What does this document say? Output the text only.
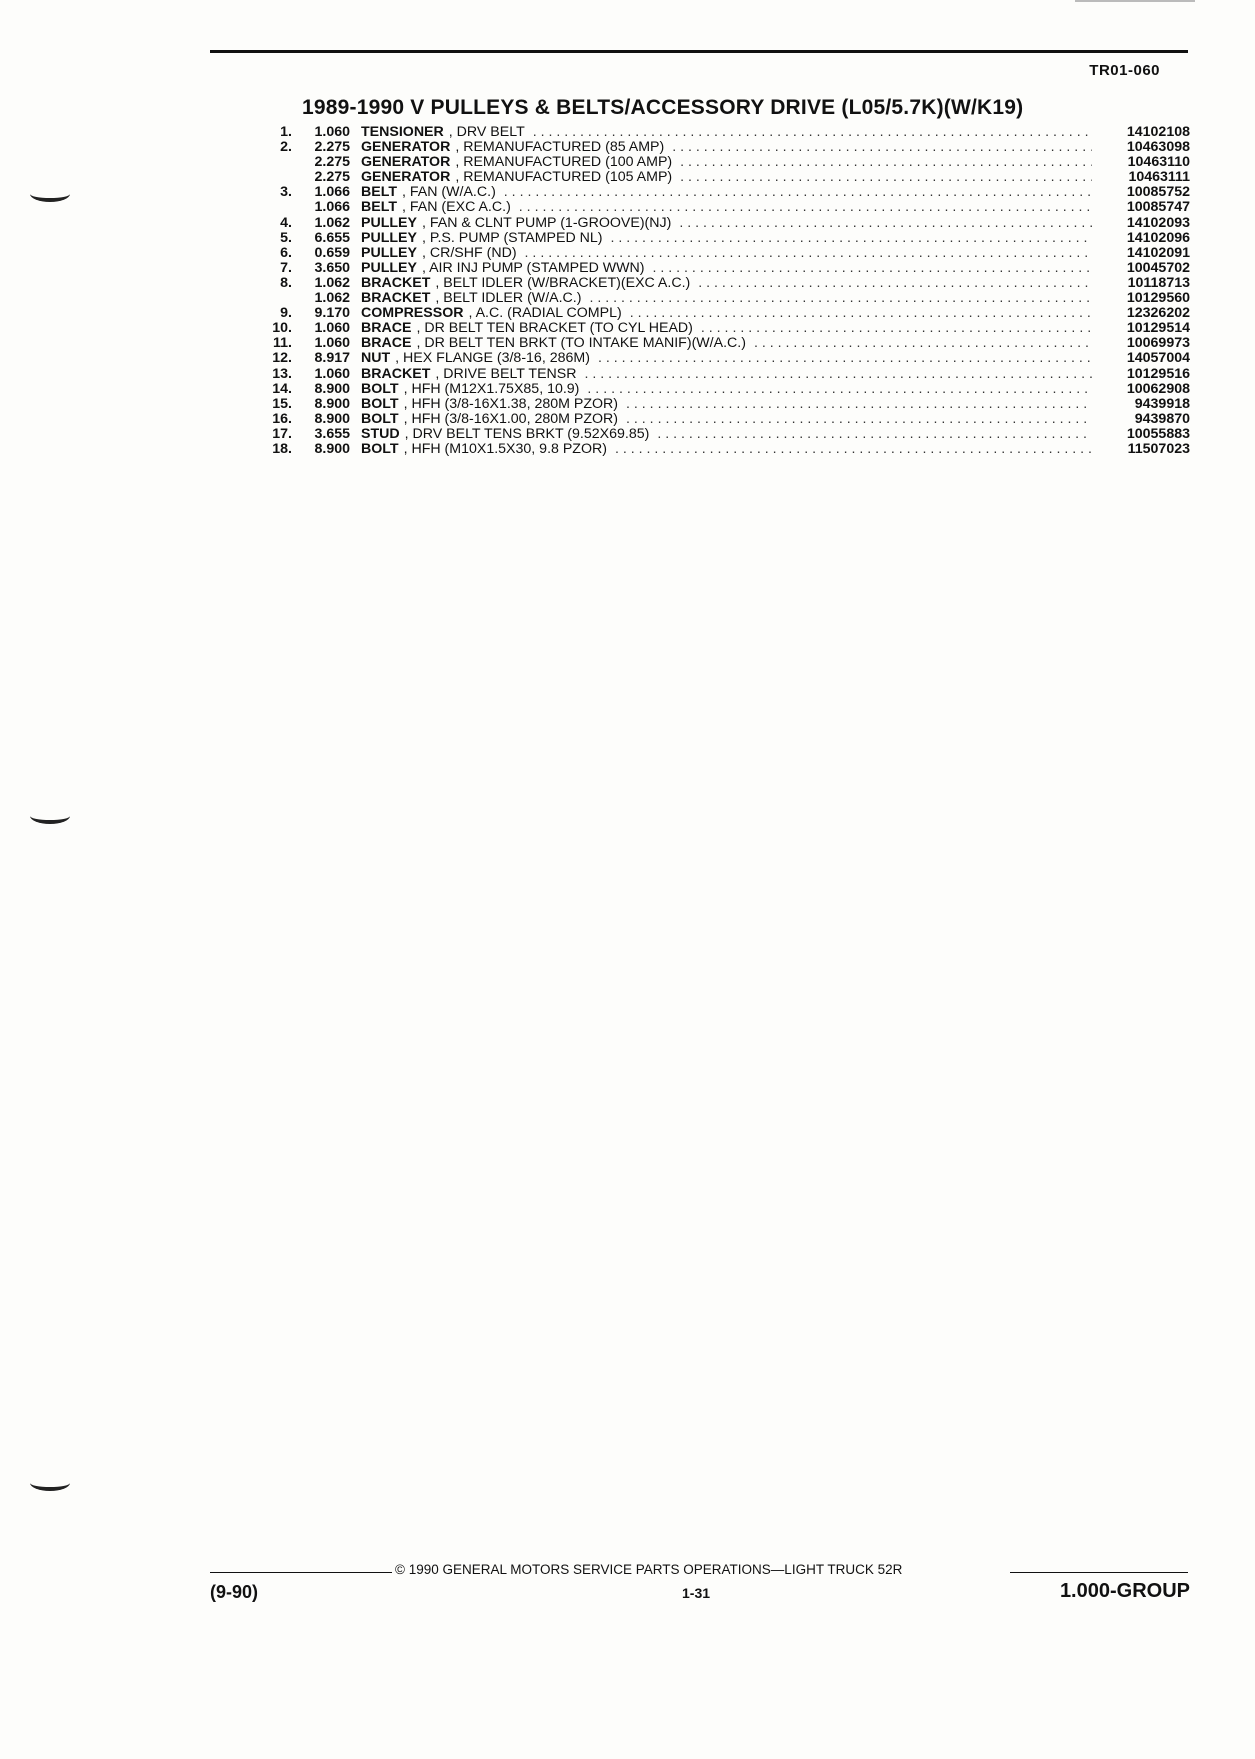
TR01-060
1989-1990 V PULLEYS & BELTS/ACCESSORY DRIVE (L05/5.7K)(W/K19)
1.	1.060 TENSIONER , DRV BELT . . .	14102108
2.	2.275 GENERATOR , REMANUFACTURED (85 AMP) . . .	10463098
2.275 GENERATOR , REMANUFACTURED (100 AMP) . . .	10463110
2.275 GENERATOR , REMANUFACTURED (105 AMP) . . .	10463111
3.	1.066 BELT , FAN (W/A.C.) . . .	10085752
1.066 BELT , FAN (EXC A.C.) . . .	10085747
4.	1.062 PULLEY , FAN & CLNT PUMP (1-GROOVE)(NJ) . . .	14102093
5.	6.655 PULLEY , P.S. PUMP (STAMPED NL) . . .	14102096
6.	0.659 PULLEY , CR/SHF (ND) . . .	14102091
7.	3.650 PULLEY , AIR INJ PUMP (STAMPED WWN) . . .	10045702
8.	1.062 BRACKET , BELT IDLER (W/BRACKET)(EXC A.C.) . . .	10118713
1.062 BRACKET , BELT IDLER (W/A.C.) . . .	10129560
9.	9.170 COMPRESSOR , A.C. (RADIAL COMPL) . . .	12326202
10.	1.060 BRACE , DR BELT TEN BRACKET (TO CYL HEAD) . . .	10129514
11.	1.060 BRACE , DR BELT TEN BRKT (TO INTAKE MANIF)(W/A.C.) . . .	10069973
12.	8.917 NUT , HEX FLANGE (3/8-16, 286M) . . .	14057004
13.	1.060 BRACKET , DRIVE BELT TENSR . . .	10129516
14.	8.900 BOLT , HFH (M12X1.75X85, 10.9) . . .	10062908
15.	8.900 BOLT , HFH (3/8-16X1.38, 280M PZOR) . . .	9439918
16.	8.900 BOLT , HFH (3/8-16X1.00, 280M PZOR) . . .	9439870
17.	3.655 STUD , DRV BELT TENS BRKT (9.52X69.85) . . .	10055883
18.	8.900 BOLT , HFH (M10X1.5X30, 9.8 PZOR) . . .	11507023
© 1990 GENERAL MOTORS SERVICE PARTS OPERATIONS—LIGHT TRUCK 52R
(9-90)	1-31	1.000-GROUP
